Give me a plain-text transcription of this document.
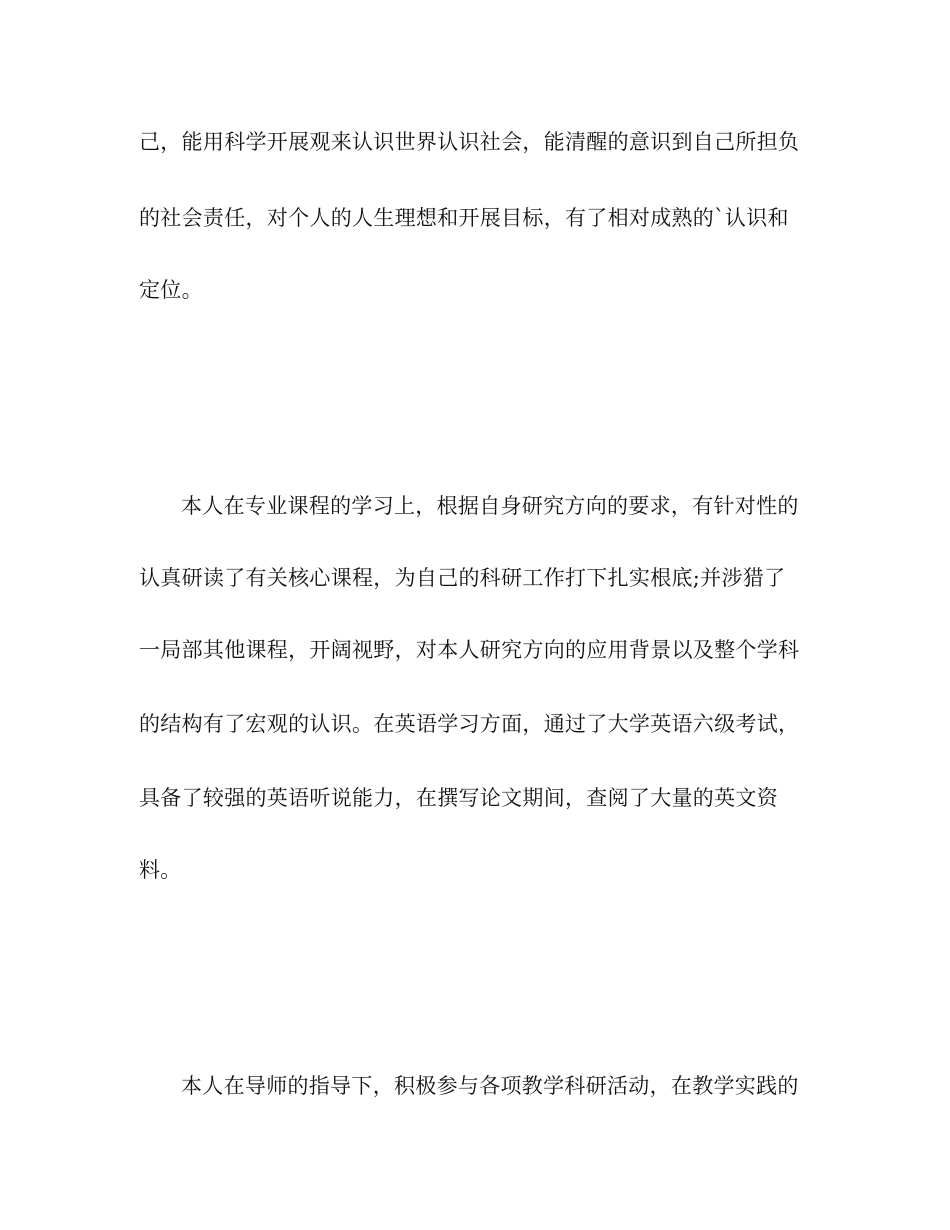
己，能用科学开展观来认识世界认识社会，能清醒的意识到自己所担负
的社会责任，对个人的人生理想和开展目标，有了相对成熟的`认识和
定位。
本人在专业课程的学习上，根据自身研究方向的要求，有针对性的
认真研读了有关核心课程，为自己的科研工作打下扎实根底;并涉猎了
一局部其他课程，开阔视野，对本人研究方向的应用背景以及整个学科
的结构有了宏观的认识。在英语学习方面，通过了大学英语六级考试，
具备了较强的英语听说能力，在撰写论文期间，查阅了大量的英文资
料。
本人在导师的指导下，积极参与各项教学科研活动，在教学实践的
